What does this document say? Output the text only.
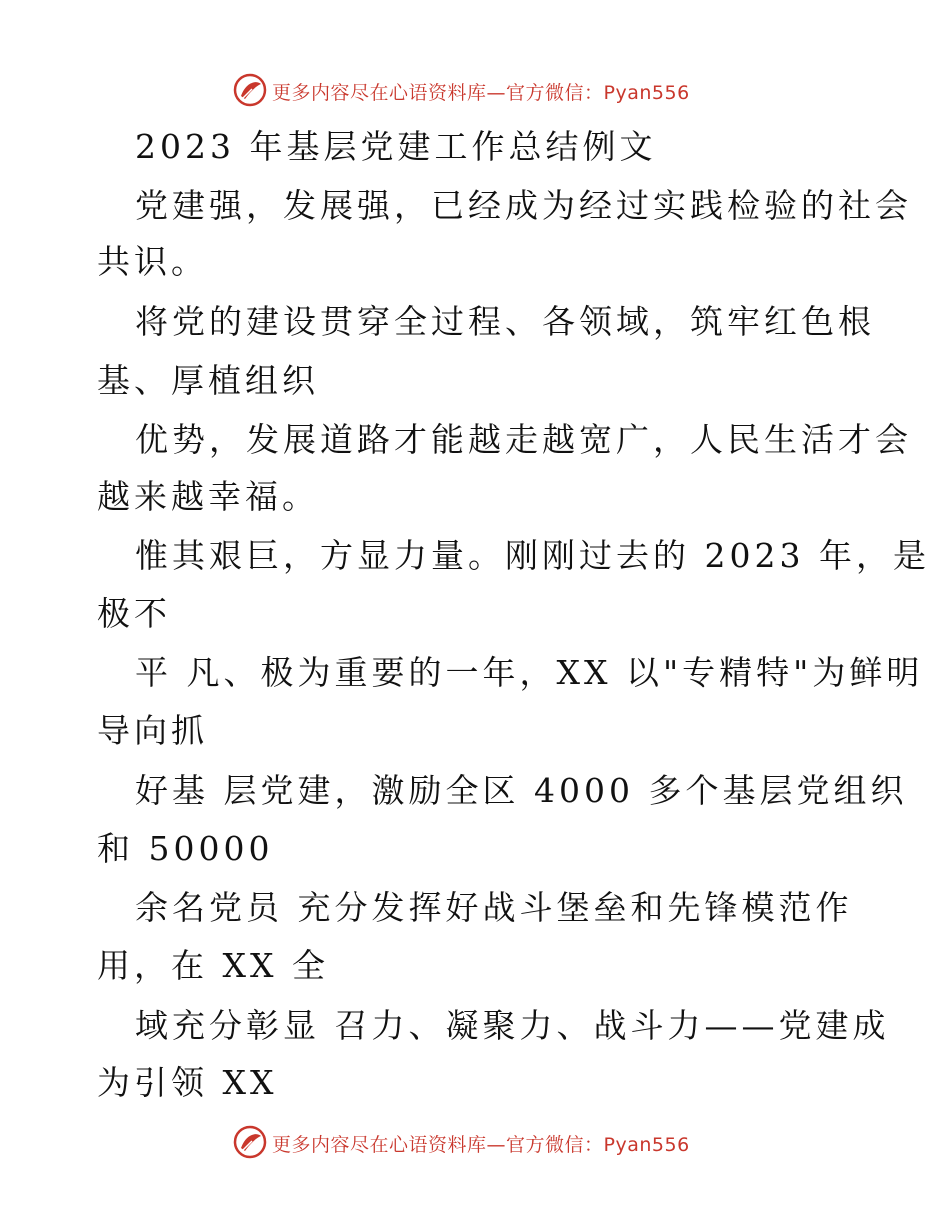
更多内容尽在心语资料库—官方微信：Pyan556
2023 年基层党建工作总结例文
党建强，发展强，已经成为经过实践检验的社会
共识。
将党的建设贯穿全过程、各领域，筑牢红色根
基、厚植组织
优势，发展道路才能越走越宽广，人民生活才会
越来越幸福。
惟其艰巨，方显力量。刚刚过去的 2023 年，是
极不
平 凡、极为重要的一年，XX 以"专精特"为鲜明
导向抓
好基 层党建，激励全区 4000 多个基层党组织
和 50000
余名党员 充分发挥好战斗堡垒和先锋模范作
用，在 XX 全
域充分彰显 召力、凝聚力、战斗力——党建成
为引领 XX
更多内容尽在心语资料库—官方微信：Pyan556
